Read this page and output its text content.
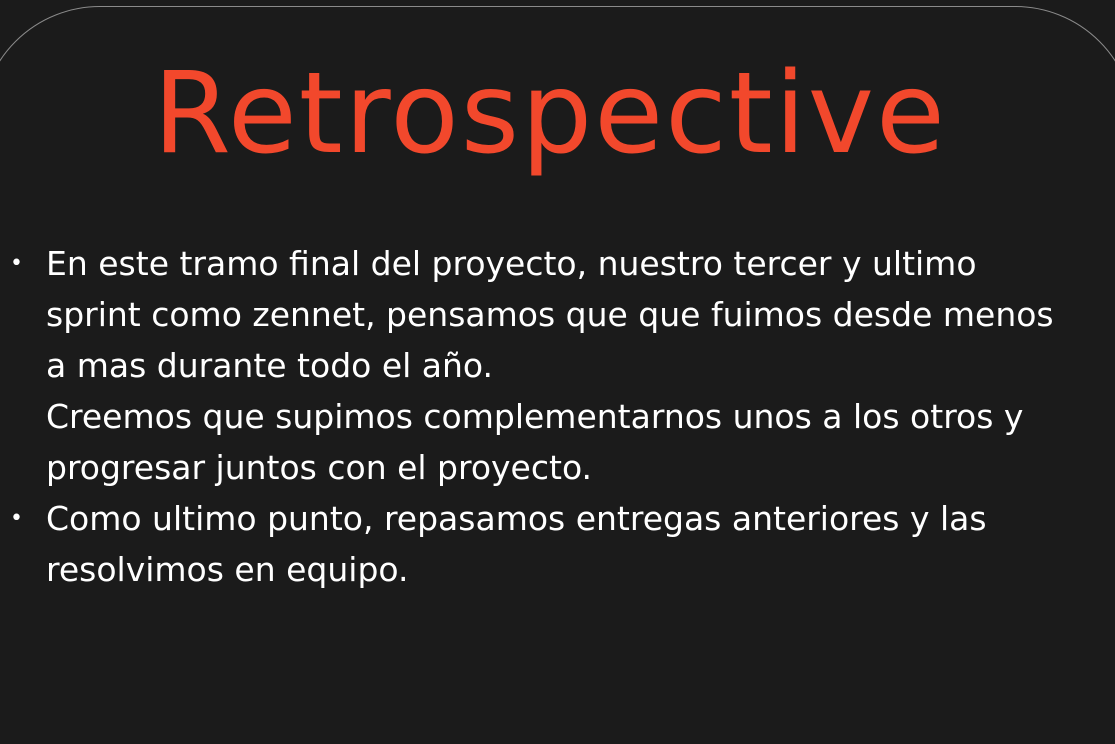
Retrospective
• En este tramo final del proyecto, nuestro tercer y ultimo
sprint como zennet, pensamos que que fuimos desde menos
a mas durante todo el año.
Creemos que supimos complementarnos unos a los otros y
progresar juntos con el proyecto.
• Como ultimo punto, repasamos entregas anteriores y las
resolvimos en equipo.
